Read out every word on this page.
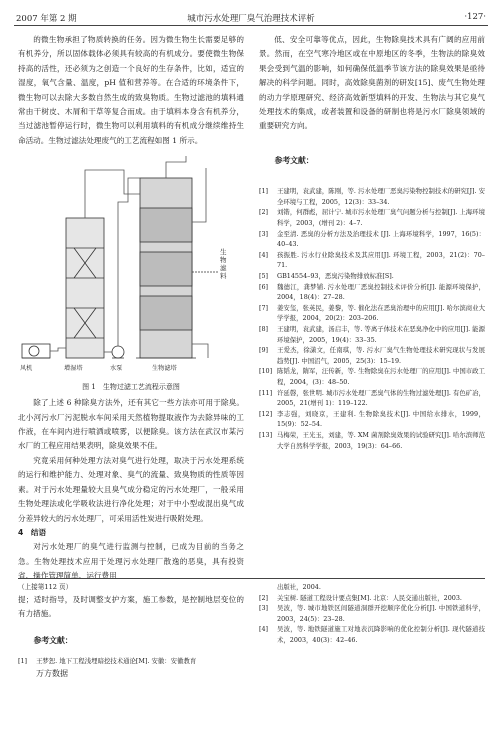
2007 年第 2 期	城市污水处理厂臭气治理技术评析	·127·

的微生物承担了物质转换的任务。因为微生物生长需要足够的有机养分，所以固体载体必须具有较高的有机成分。要使微生物保持高的活性，还必须为之创造一个良好的生存条件，比如，适宜的湿度，氧气含量、温度，pH 值和营养等。在合适的环境条件下，微生物可以去除大多数自然生成的致臭物质。生物过滤池的填料通常由干树皮、木屑和干草等复合而成。由于填料本身含有机养分，当过滤池暂停运行时，微生物可以利用填料的有机成分继续维持生命活动。生物过滤法处理废气的工艺流程如图 1 所示。

生物滤料
风机	增湿塔	水泵	生物滤塔
图 1　生物过滤工艺流程示意图

除了上述 6 种除臭方法外，还有其它一些方法亦可用于除臭。北小河污水厂污泥脱水车间采用天然植物提取液作为去除异味的工作液，在车间内进行喷洒或喷雾，以便除臭。该方法在武汉市某污水厂的工程应用结果表明，除臭效果不佳。

究竟采用何种处理方法对臭气进行处理，取决于污水处理系统的运行和维护能力、处理对象、臭气的流量、致臭物质的性质等因素。对于污水处理量较大且臭气成分稳定的污水处理厂，一般采用生物处理法或化学吸收法进行净化处理；对于中小型或混出臭气成分差异较大的污水处理厂，可采用活性炭进行吸附处理。

4　结语

对污水处理厂的臭气进行监测与控制，已成为目前的当务之急。生物处理技术应用于处理污水处理厂散逸的恶臭，具有投资省、操作管理简单、运行费用

低、安全可靠等优点，因此，生物除臭技术具有广阔的应用前景。然而，在空气寒冷地区或在中原地区的冬季，生物法的除臭效果会受到气温的影响，如何确保低温季节该方法的除臭效果是亟待解决的科学问题。同时，高效除臭菌剂的研发[15]、废气生物处理的动力学原理研究、经济高效新型填料的开发、生物法与其它臭气处理技术的集成，或者装置和设备的研制也将是污水厂除臭领域的重要研究方向。

参考文献：

[1]	王建明，袁武建，陈刚，等. 污水处理厂恶臭污染物控制技术的研究[J]. 安全环境与工程，2005，12(3)：33–34.
[2]	刘锴，何群彪，屈计宁. 城市污水处理厂臭气问题分析与控制[J]. 上海环境科学，2003，(增刊 2)：4–7.
[3]	金至清. 恶臭的分析方法及治理技术 [J]. 上海环境科学，1997，16(5)：40–43.
[4]	孩振胜. 污水行业除臭技术及其应用[J]. 环境工程，2003，21(2)：70–71.
[5]	GB14554–93，恶臭污染物排放标准[S].
[6]	魏德江，龚梦铺. 污水处理厂恶臭控制技术评价分析[J]. 能源环境保护，2004，18(4)：27–28.
[7]	姜安玺，张英民，姜黎，等. 催化法在恶臭治理中的应用[J]. 哈尔滨商业大学学报，2004，20(2)：203–206.
[8]	王建明，袁武建，汤启丰，等. 等离子体技术在恶臭净化中的应用[J]. 能源环境保护，2005，19(4)：33–35.
[9]	王爱杰，徐潇文，任南琪，等. 污水厂臭气生物处理技术研究现状与发展趋势[J]. 中国沼气，2005，25(3)：15–19.
[10] 陈韬龙，隋军，汪传新，等. 生物除臭在污水处理厂的应用[J]. 中国市政工程，2004，(3)：48–50.
[11] 许延磬，张世明. 城市污水处理厂恶臭气体的生物过滤处理[J]. 有色矿冶，2005，21(增刊 1)：119–122.
[12] 李志强，刘晓京，王建利. 生物除臭技术[J]. 中国给水排水，1999，15(9)：52–54.
[13] 马梅荣，王光玉，刘建，等. XM 菌剂除臭效果的试验研究[J]. 哈尔滨师范大学自然科学学报，2003，19(3)：64–66.
（上接第112 页）

提；适时指导，及时调整支护方案，施工参数，是控制地层变位的有力措施。

参考文献：

[1]	王梦恕. 地下工程浅埋暗挖技术通论[M]. 安徽：安徽教育
万方数据
出版社，2004.
[2]	关宝树. 隧道工程设计要点集[M]. 北京：人民交通出版社，2003.
[3]	吴波，等. 城市地铁区间隧道洞群开挖顺序优化分析[J]. 中国铁道科学，2003，24(5)：23–28.
[4]	吴波，等. 地铁隧道施工对地表沉降影响的优化控制分析[J]. 现代隧道技术，2003，40(3)：42–46.
